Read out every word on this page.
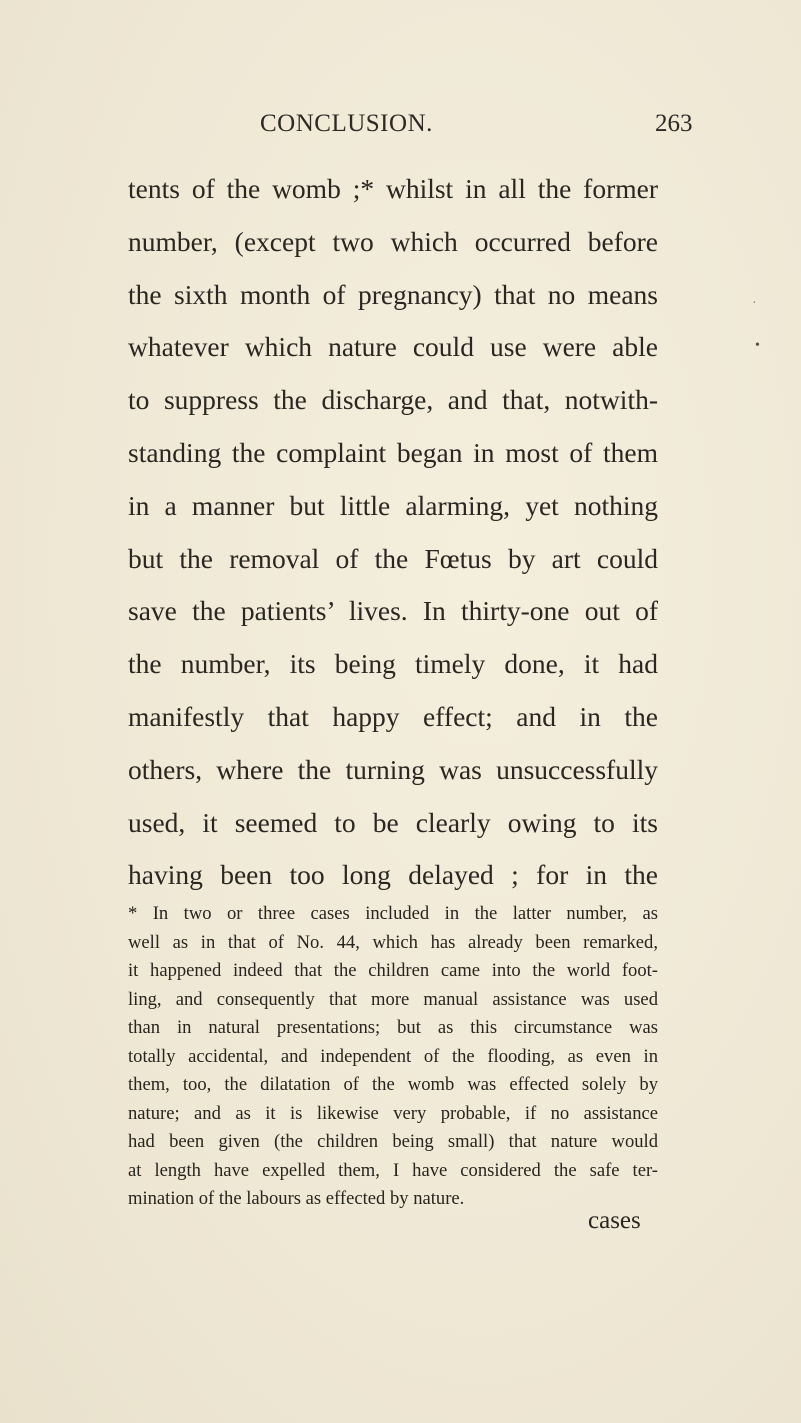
CONCLUSION.	263
tents of the womb ;* whilst in all the former
number, (except two which occurred before
the sixth month of pregnancy) that no means
whatever which nature could use were able
to suppress the discharge, and that, notwith-
standing the complaint began in most of them
in a manner but little alarming, yet nothing
but the removal of the Fœtus by art could
save the patients’ lives. In thirty-one out of
the number, its being timely done, it had
manifestly that happy effect; and in the
others, where the turning was unsuccessfully
used, it seemed to be clearly owing to its
having been too long delayed ; for in the
* In two or three cases included in the latter number, as
well as in that of No. 44, which has already been remarked,
it happened indeed that the children came into the world foot-
ling, and consequently that more manual assistance was used
than in natural presentations; but as this circumstance was
totally accidental, and independent of the flooding, as even in
them, too, the dilatation of the womb was effected solely by
nature; and as it is likewise very probable, if no assistance
had been given (the children being small) that nature would
at length have expelled them, I have considered the safe ter-
mination of the labours as effected by nature.
cases
·
•
